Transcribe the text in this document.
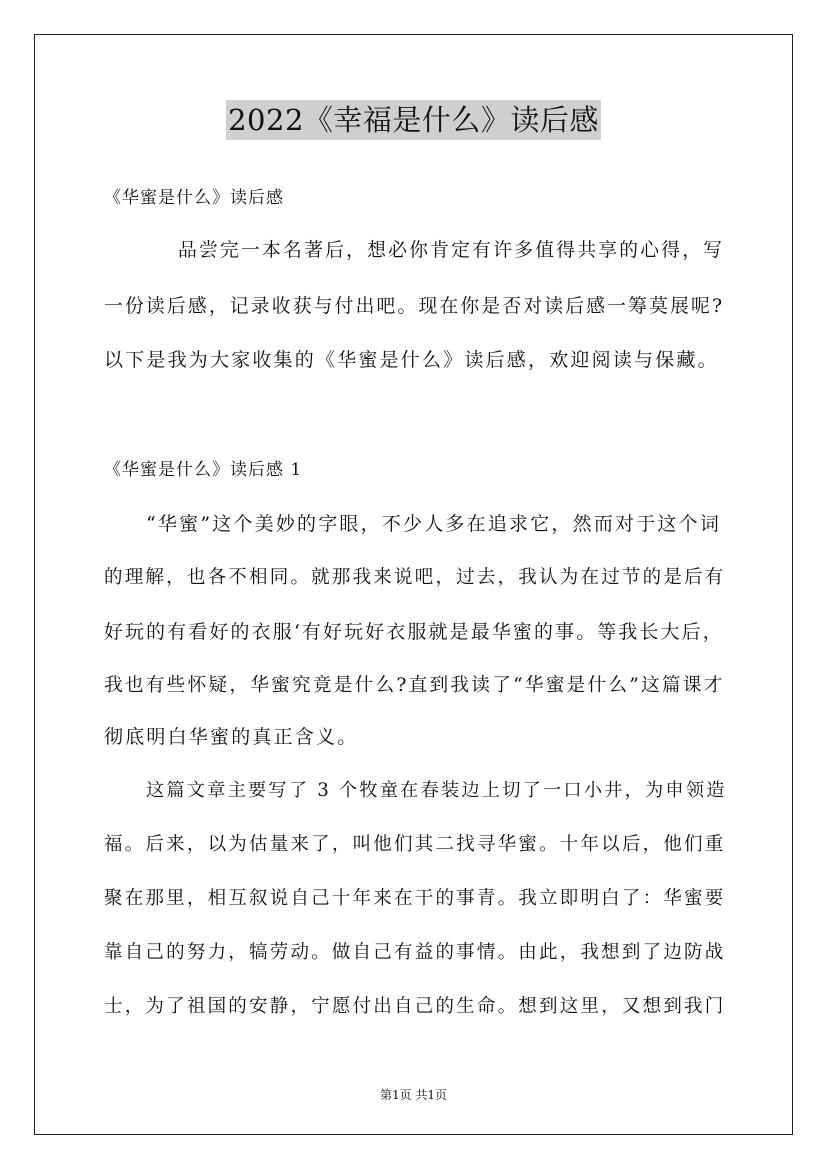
2022《幸福是什么》读后感
《华蜜是什么》读后感
品尝完一本名著后，想必你肯定有许多值得共享的心得，写
一份读后感，记录收获与付出吧。现在你是否对读后感一筹莫展呢?
以下是我为大家收集的《华蜜是什么》读后感，欢迎阅读与保藏。
《华蜜是什么》读后感 1
“华蜜”这个美妙的字眼，不少人多在追求它，然而对于这个词
的理解，也各不相同。就那我来说吧，过去，我认为在过节的是后有
好玩的有看好的衣服‘有好玩好衣服就是最华蜜的事。等我长大后，
我也有些怀疑，华蜜究竟是什么?直到我读了“华蜜是什么”这篇课才
彻底明白华蜜的真正含义。
这篇文章主要写了 3 个牧童在春装边上切了一口小井，为申领造
福。后来，以为估量来了，叫他们其二找寻华蜜。十年以后，他们重
聚在那里，相互叙说自己十年来在干的事青。我立即明白了：华蜜要
靠自己的努力，犒劳动。做自己有益的事情。由此，我想到了边防战
士，为了祖国的安静，宁愿付出自己的生命。想到这里，又想到我门
第1页 共1页
